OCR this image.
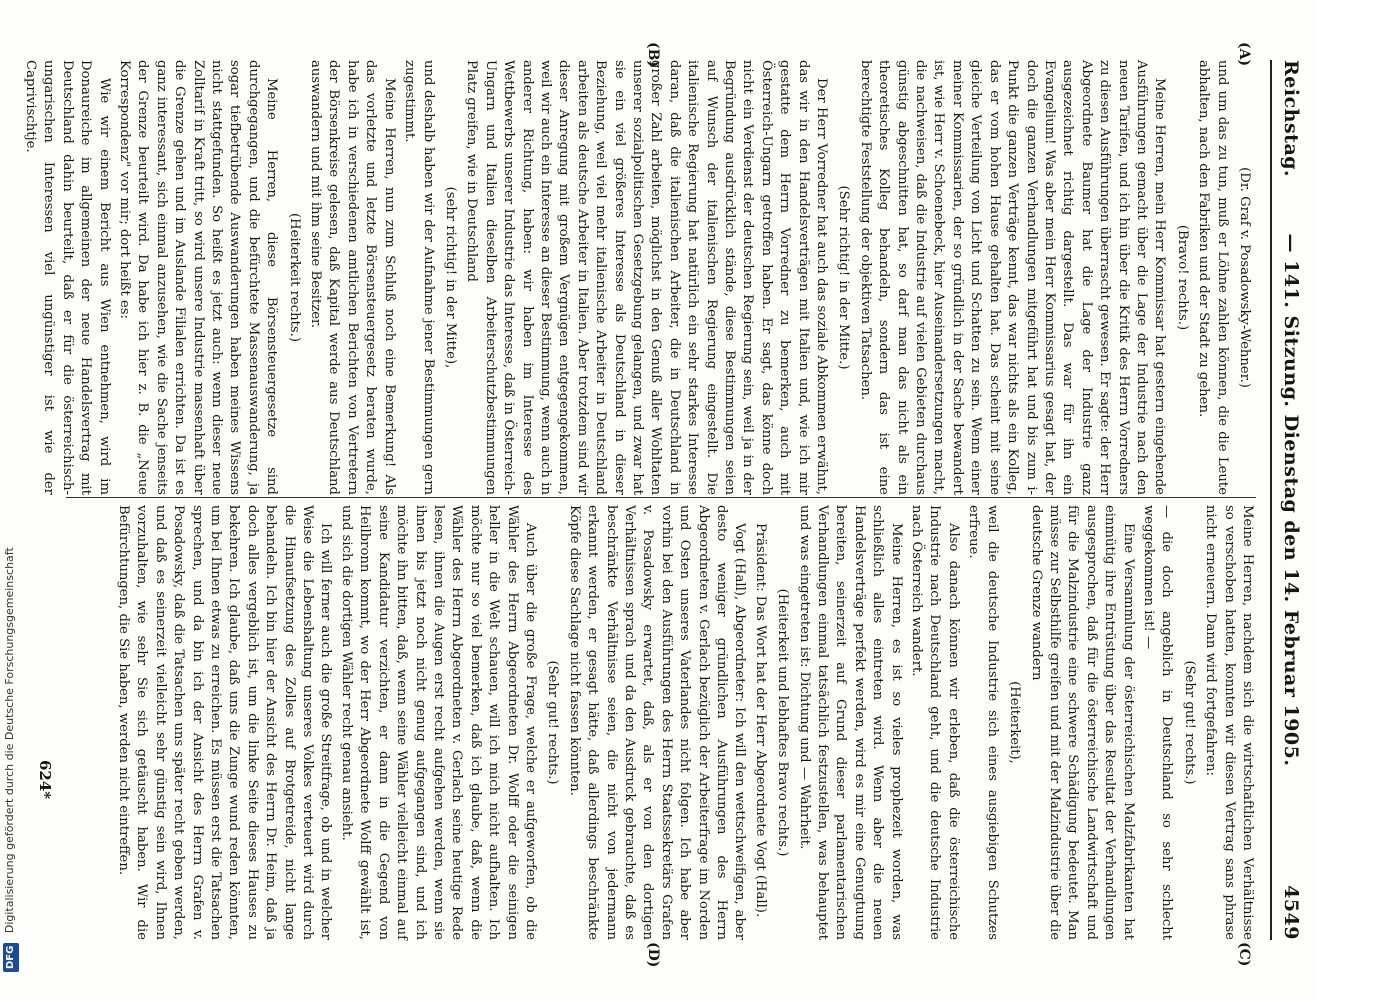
Reichstag.
— 141. Sitzung. Dienstag den 14. Februar 1905.
4549
(A)
(B)
(C)
(D)

(Dr. Graf v. Posadowsky-Wehner.)

und um das zu tun, muß er Löhne zahlen können, die die Leute abhalten, nach den Fabriken und der Stadt zu gehen.

(Bravo! rechts.)

Meine Herren, mein Herr Kommissar hat gestern eingehende Ausführungen gemacht über die Lage der Industrie nach den neuen Tarifen, und ich hin über die Kritik des Herrn Vorredners zu diesen Ausführungen überrascht gewesen. Er sagte: der Herr Abgeordnete Baumer hat die Lage der Industrie ganz ausgezeichnet richtig dargestellt. Das war für ihn ein Evangelium! Was aber mein Herr Kommissarius gesagt hat, der doch die ganzen Verhandlungen mitgeführt hat und bis zum i-Punkt die ganzen Verträge kennt, das war nichts als ein Kolleg, das er vom hohen Hause gehalten hat. Das scheint mit seine gleiche Verteilung von Licht und Schatten zu sein. Wenn einer meiner Kommissarien, der so gründlich in der Sache bewandert ist, wie Herr v. Schoenebeck, hier Auseinandersetzungen macht, die nachweisen, daß die Industrie auf vielen Gebieten durchaus günstig abgeschnitten hat, so darf man das nicht als ein theoretisches Kolleg behandeln, sondern das ist eine berechtigte Feststellung der objektiven Tatsachen.

(Sehr richtig! in der Mitte.)

Der Herr Vorredner hat auch das soziale Abkommen erwähnt, das wir in den Handelsverträgen mit Italien und, wie ich mir gestatte dem Herrn Vorredner zu bemerken, auch mit Österreich-Ungarn getroffen haben. Er sagt, das könne doch nicht ein Verdienst der deutschen Regierung sein, weil ja in der Begründung ausdrücklich stände, diese Bestimmungen seien auf Wunsch der italienischen Regierung eingestellt. Die italienische Regierung hat natürlich ein sehr starkes Interesse daran, daß die italienischen Arbeiter, die in Deutschland in großer Zahl arbeiten, möglichst in den Genuß aller Wohltaten unserer sozialpolitischen Gesetzgebung gelangen, und zwar hat sie ein viel größeres Interesse als Deutschland in dieser Beziehung, weil viel mehr italienische Arbeiter in Deutschland arbeiten als deutsche Arbeiter in Italien. Aber trotzdem sind wir dieser Anregung mit großem Vergnügen entgegengekommen, weil wir auch ein Interesse an dieser Bestimmung, wenn auch in anderer Richtung, haben: wir haben im Interesse des Wettbewerbs unserer Industrie das Interesse, daß in Österreich-Ungarn und Italien dieselben Arbeiterschutzbestimmungen Platz greifen, wie in Deutschland

(sehr richtig! in der Mitte),

und deshalb haben wir der Aufnahme jener Bestimmungen gern zugestimmt.

Meine Herren, nun zum Schluß noch eine Bemerkung! Als das vorletzte und letzte Börsensteuergesetz beraten wurde, habe ich in verschiedenen amtlichen Berichten von Vertretern der Börsenkreise gelesen, daß Kapital werde aus Deutschland auswandern und mit ihm seine Besitzer.

(Heiterkeit rechts.)

Meine Herren, diese Börsensteuergesetze sind durchgegangen, und die befürchtete Massenauswanderung, ja sogar tiefbetrübende Auswanderungen haben meines Wissens nicht stattgefunden. So heißt es jetzt auch: wenn dieser neue Zolltarif in Kraft tritt, so wird unsere Industrie massenhaft über die Grenze gehen und im Auslande Filialen errichten. Da ist es ganz interessant, sich einmal anzusehen, wie die Sache jenseits der Grenze beurteilt wird. Da habe ich hier z. B. die „Neue Korrespondenz" vor mir; dort heißt es:

Wie wir einem Bericht aus Wien entnehmen, wird im Donaureiche im allgemeinen der neue Handelsvertrag mit Deutschland dahin beurteilt, daß er für die österreichisch-ungarischen Interessen viel ungünstiger ist wie der Caprivischtje.

Meine Herren, nachdem sich die wirtschaftlichen Verhältnisse so verschoben hatten, konnten wir diesen Vertrag sans phrase nicht erneuern. Dann wird fortgefahren:

(Sehr gut! rechts.)

— die doch angeblich in Deutschland so sehr schlecht weggekommen ist! —

Eine Versammlung der österreichischen Malzfabrikanten hat einmütig ihre Entrüstung über das Resultat der Verhandlungen ausgesprochen, daß für die österreichische Landwirtschaft und für die Malzindustrie eine schwere Schädigung bedeutet. Man müsse zur Selbsthilfe greifen und mit der Malzindustrie über die deutsche Grenze wandern

(Heiterkeit),

weil die deutsche Industrie sich eines ausgiebigen Schutzes erfreue.

Also danach können wir erleben, daß die österreichische Industrie nach Deutschland geht, und die deutsche Industrie nach Österreich wandert.

Meine Herren, es ist so vieles prophezeit worden, was schließlich alles eintreten wird. Wenn aber die neuen Handelsverträge perfekt werden, wird es mir eine Genugtuung bereiten, seinerzeit auf Grund dieser parlamentarischen Verhandlungen einmal tatsächlich festzustellen, was behauptet und was eingetreten ist: Dichtung und — Wahrheit.

(Heiterkeit und lebhaftes Bravo rechts.)

Präsident: Das Wort hat der Herr Abgeordnete Vogt (Hall).

Vogt (Hall), Abgeordneter: Ich will den wettschweifigen, aber desto weniger gründlichen Ausführungen des Herrn Abgeordneten v. Gerlach bezüglich der Arbeiterfrage im Norden und Osten unseres Vaterlandes nicht folgen. Ich habe aber vorhin bei den Ausführungen des Herrn Staatssekretärs Grafen v. Posadowsky erwartet, daß, als er von den dortigen Verhältnissen sprach und da den Ausdruck gebrauchte, daß es beschränkte Verhältnisse seien, die nicht von jedermann erkannt werden, er gesagt hätte, daß allerdings beschränkte Köpfe diese Sachlage nicht fassen könnten.

(Sehr gut! rechts.)

Auch über die große Frage, welche er aufgeworfen, ob die Wähler des Herrn Abgeordneten Dr. Wolff oder die seinigen heller in die Welt schauen, will ich mich nicht aufhalten. Ich möchte nur so viel bemerken, daß ich glaube, daß, wenn die Wähler des Herrn Abgeordneten v. Gerlach seine heutige Rede lesen, ihnen die Augen erst recht aufgehen werden, wenn sie ihnen bis jetzt noch nicht genug aufgegangen sind, und ich möchte ihn bitten, daß, wenn seine Wähler vielleicht einmal auf seine Kandidatur verzichten, er dann in die Gegend von Heilbronn kommt, wo der Herr Abgeordnete Wolff gewählt ist, und sich die dortigen Wähler recht genau ansieht.

Ich will ferner auch die große Streitfrage, ob und in welcher Weise die Lebenshaltung unseres Volkes verteuert wird durch die Hinaufsetzung des Zolles auf Brotgetreide, nicht lange behandeln. Ich bin hier der Ansicht des Herrn Dr. Heim, daß ja doch alles vergeblich ist, um die linke Seite dieses Hauses zu bekehren. Ich glaube, daß uns die Zunge wund reden könnten, um bei Ihnen etwas zu erreichen. Es müssen erst die Tatsachen sprechen, und da bin ich der Ansicht des Herrn Grafen v. Posadowsky, daß die Tatsachen uns später recht geben werden, und daß es seinerzeit vielleicht sehr günstig sein wird, Ihnen vorzuhalten, wie sehr Sie sich getäuscht haben. Wir die Befürchtungen, die Sie haben, werden nicht eintreffen.

624*
DFG Digitalisierung gefördert durch die Deutsche Forschungsgemeinschaft
